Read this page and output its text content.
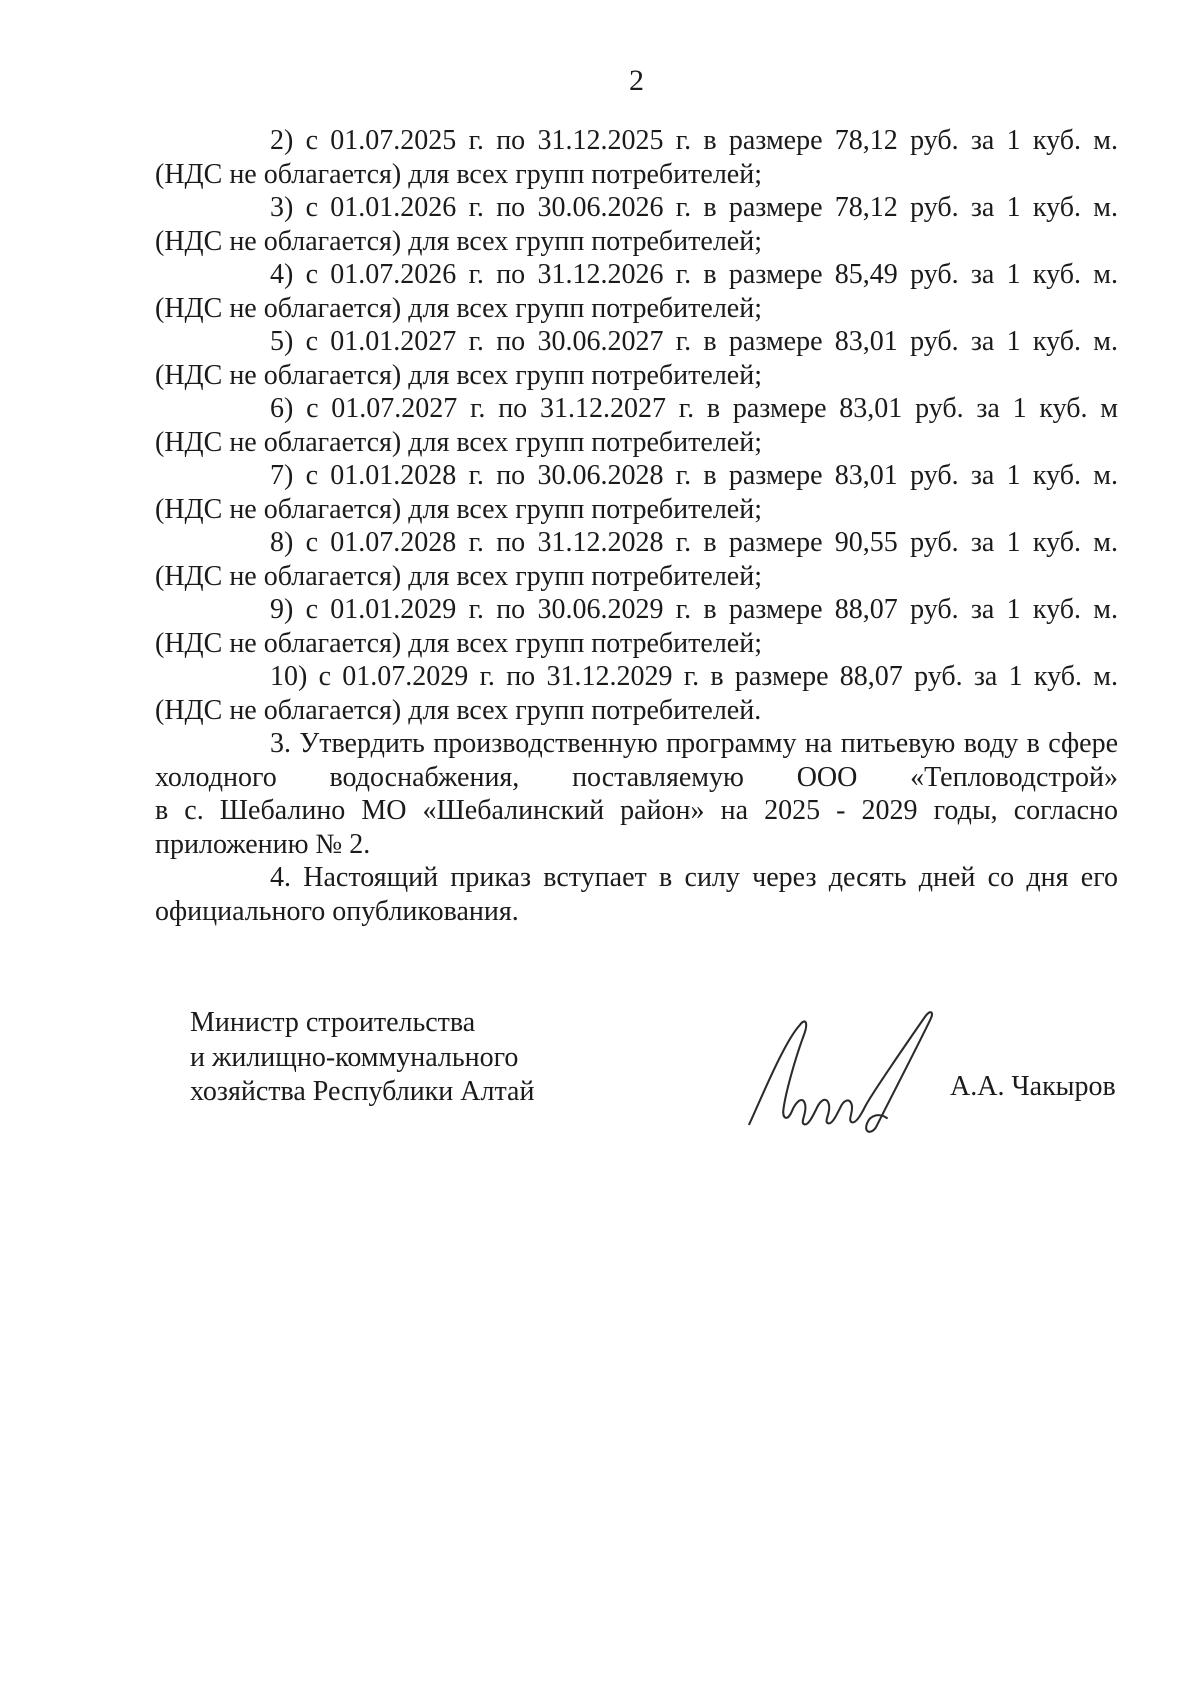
2
2) с 01.07.2025 г. по 31.12.2025 г. в размере 78,12 руб. за 1 куб. м.
(НДС не облагается) для всех групп потребителей;
3) с 01.01.2026 г. по 30.06.2026 г. в размере 78,12 руб. за 1 куб. м.
(НДС не облагается) для всех групп потребителей;
4) с 01.07.2026 г. по 31.12.2026 г. в размере 85,49 руб. за 1 куб. м.
(НДС не облагается) для всех групп потребителей;
5) с 01.01.2027 г. по 30.06.2027 г. в размере 83,01 руб. за 1 куб. м.
(НДС не облагается) для всех групп потребителей;
6) с 01.07.2027 г. по 31.12.2027 г. в размере 83,01 руб. за 1 куб. м
(НДС не облагается) для всех групп потребителей;
7) с 01.01.2028 г. по 30.06.2028 г. в размере 83,01 руб. за 1 куб. м.
(НДС не облагается) для всех групп потребителей;
8) с 01.07.2028 г. по 31.12.2028 г. в размере 90,55 руб. за 1 куб. м.
(НДС не облагается) для всех групп потребителей;
9) с 01.01.2029 г. по 30.06.2029 г. в размере 88,07 руб. за 1 куб. м.
(НДС не облагается) для всех групп потребителей;
10) с 01.07.2029 г. по 31.12.2029 г. в размере 88,07 руб. за 1 куб. м.
(НДС не облагается) для всех групп потребителей.
3. Утвердить производственную программу на питьевую воду в сфере
холодного водоснабжения, поставляемую ООО «Тепловодстрой»
в с. Шебалино МО «Шебалинский район» на 2025 - 2029 годы, согласно
приложению № 2.
4. Настоящий приказ вступает в силу через десять дней со дня его
официального опубликования.
Министр строительства
и жилищно-коммунального
хозяйства Республики Алтай	А.А. Чакыров
